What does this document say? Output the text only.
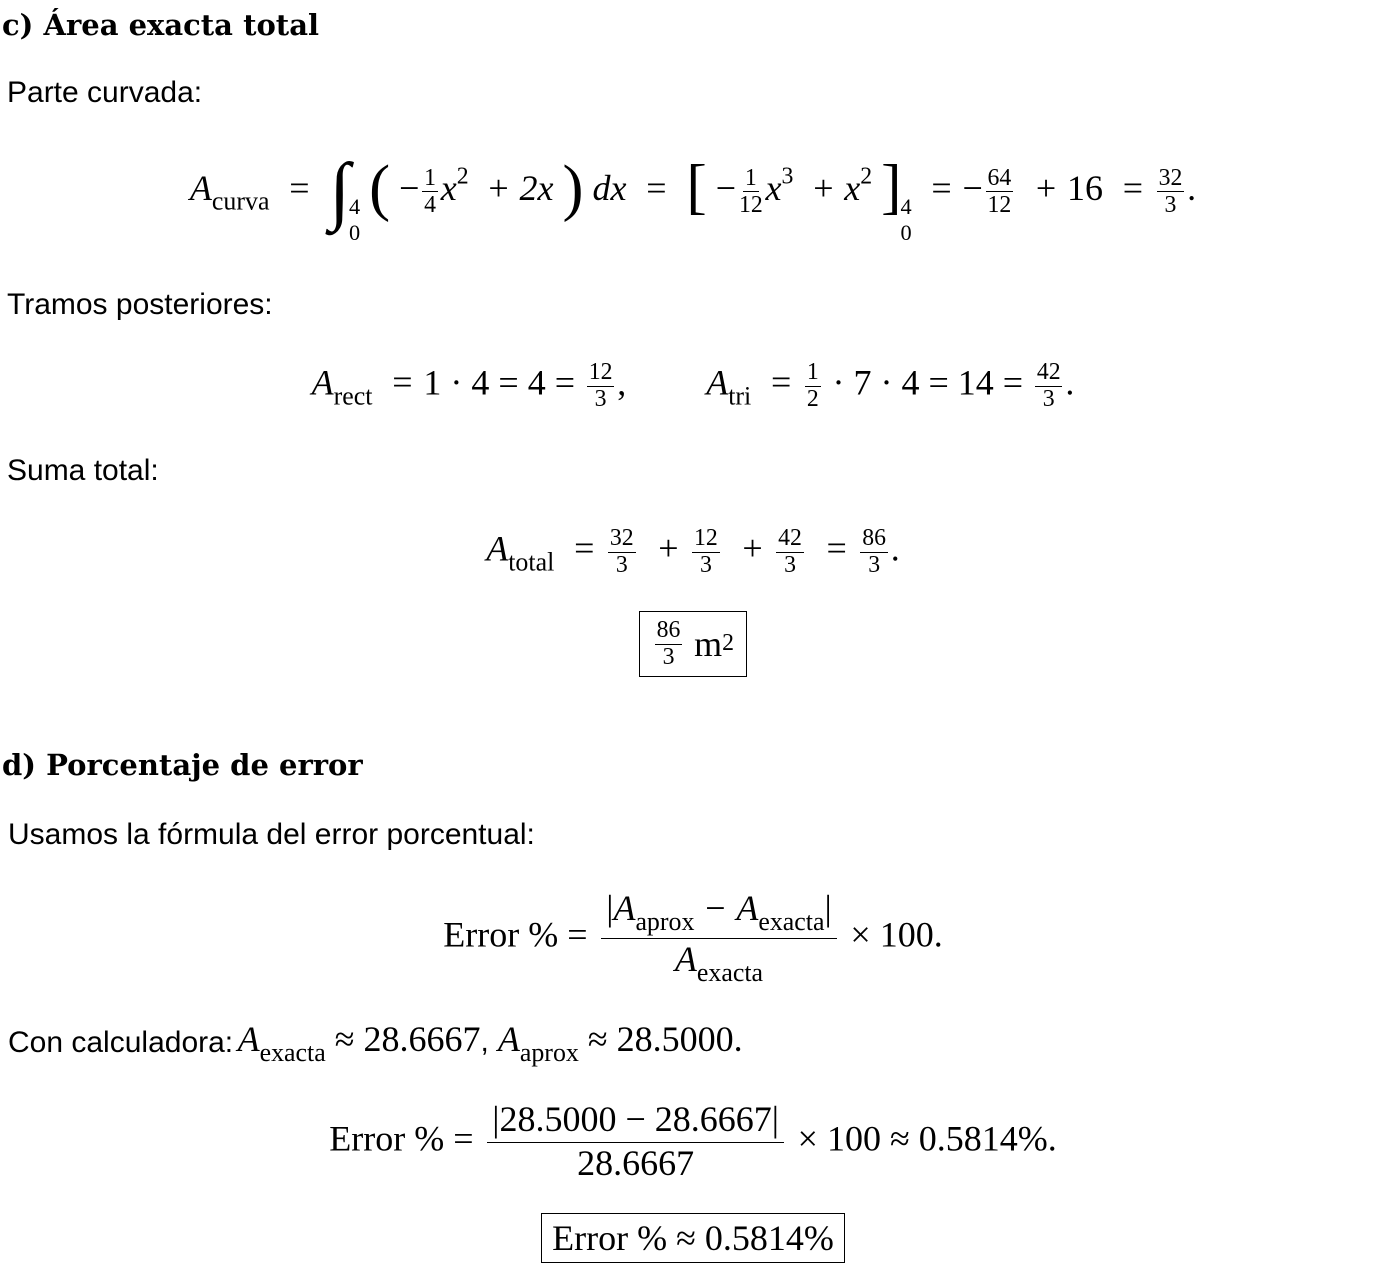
c) Área exacta total
Parte curvada:
$A_{curva}$ = ∫
4
0
( − $\frac{1}{4} x^2 + 2x$ ) dx = [ − $\frac{1}{12} x^3 + x^2$ ]
4
0
= − $\frac{64}{12} + 16 = \frac{32}{3}$ .
Tramos posteriores:
$A_{rect} = 1 \cdot 4 = 4 = \frac{12}{3}$ , $A_{tri} = \frac{1}{2} \cdot 7 \cdot 4 = 14 = \frac{42}{3}$ .
Suma total:
$A_{total} = \frac{32}{3} + \frac{12}{3} + \frac{42}{3} = \frac{86}{3}$ .
$\frac{86}{3}$
m 2
d) Porcentaje de error
Usamos la fórmula del error porcentual:
Error % = $\frac{|A_{aprox} - A_{exacta}|}{A_{exacta}} \times 100$.
Con calculadora:
$A_{exacta} \approx 28.6667$, $A_{aprox} \approx 28.5000$.
Error % = $\frac{|28.5000 - 28.6667|}{28.6667} \times 100 \approx 0.5814\%$.
Error % ≈ 0.5814%
